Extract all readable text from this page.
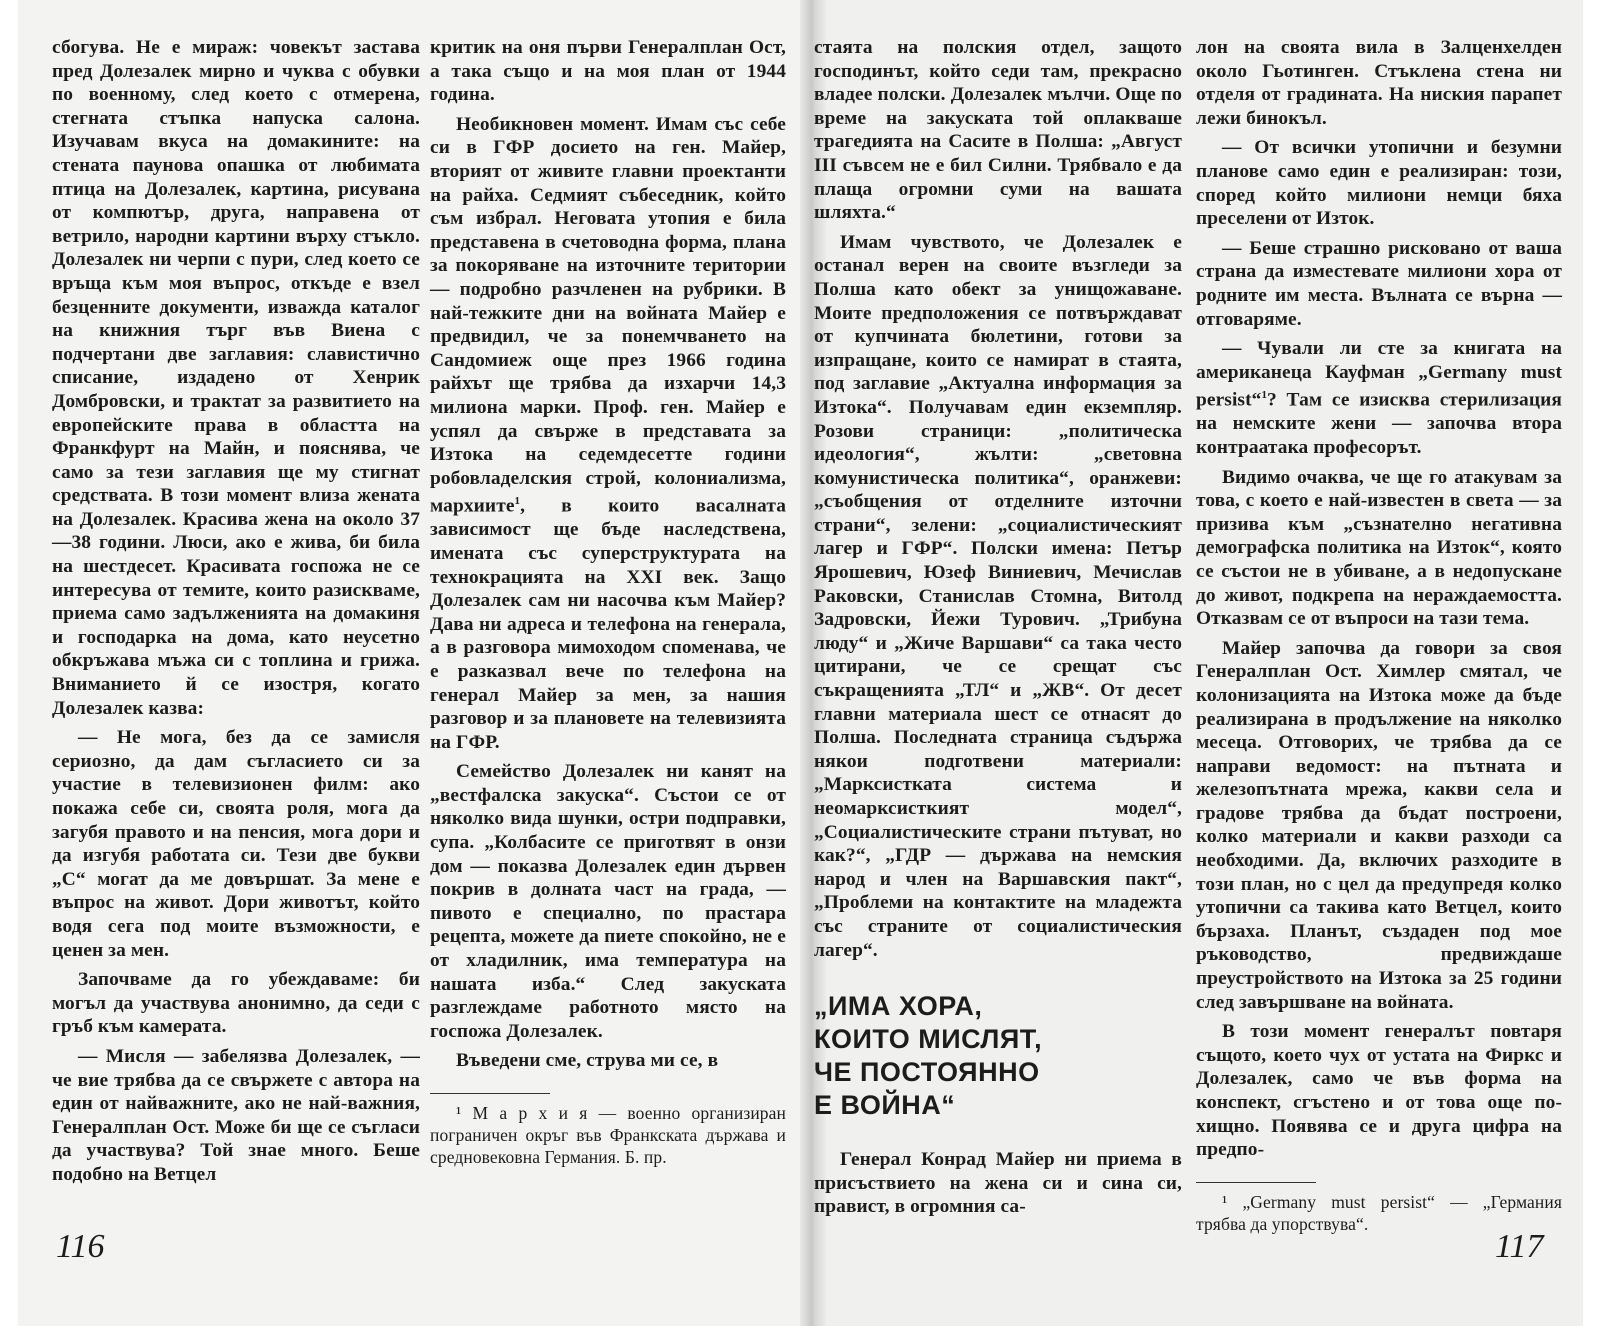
сбогува. Не е мираж: човекът застава пред Долезалек мирно и чуква с обувки по военному, след което с отмерена, стегната стъпка напуска салона. Изучавам вкуса на домакините: на стената паунова опашка от любимата птица на Долезалек, картина, рисувана от компютър, друга, направена от ветрило, народни картини върху стъкло. Долезалек ни черпи с пури, след което се връща към моя въпрос, откъде е взел безценните документи, изважда каталог на книжния търг във Виена с подчертани две заглавия: славистично списание, издадено от Хенрик Домбровски, и трактат за развитието на европейските права в областта на Франкфурт на Майн, и пояснява, че само за тези заглавия ще му стигнат средствата. В този момент влиза жената на Долезалек. Красива жена на около 37—38 години. Люси, ако е жива, би била на шестдесет. Красивата госпожа не се интересува от темите, които разискваме, приема само задълженията на домакиня и господарка на дома, като неусетно обкръжава мъжа си с топлина и грижа. Вниманието й се изостря, когато Долезалек казва:

— Не мога, без да се замисля сериозно, да дам съгласието си за участие в телевизионен филм: ако покажа себе си, своята роля, мога да загубя правото и на пенсия, мога дори и да изгубя работата си. Тези две букви „С“ могат да ме довършат. За мене е въпрос на живот. Дори животът, който водя сега под моите възможности, е ценен за мен.

Започваме да го убеждаваме: би могъл да участвува анонимно, да седи с гръб към камерата.

— Мисля — забелязва Долезалек, — че вие трябва да се свържете с автора на един от найважните, ако не най-важния, Генералплан Ост. Може би ще се съгласи да участвува? Той знае много. Беше подобно на Ветцел

критик на оня първи Генералплан Ост, а така също и на моя план от 1944 година.

Необикновен момент. Имам със себе си в ГФР досието на ген. Майер, вторият от живите главни проектанти на райха. Седмият събеседник, който съм избрал. Неговата утопия е била представена в счетоводна форма, плана за покоряване на източните територии — подробно разчленен на рубрики. В най-тежките дни на войната Майер е предвидил, че за понемчването на Сандомиеж още през 1966 година райхът ще трябва да изхарчи 14,3 милиона марки. Проф. ген. Майер е успял да свърже в представата за Изтока на седемдесетте години робовладелския строй, колониализма, мархиите$^1$, в които васалната зависимост ще бъде наследствена, имената със суперструктурата на технокрацията на XXI век. Защо Долезалек сам ни насочва към Майер? Дава ни адреса и телефона на генерала, а в разговора мимоходом споменава, че е разказвал вече по телефона на генерал Майер за мен, за нашия разговор и за плановете на телевизията на ГФР.

Семейство Долезалек ни канят на „вестфалска закуска“. Състои се от няколко вида шунки, остри подправки, супа. „Колбасите се приготвят в онзи дом — показва Долезалек един дървен покрив в долната част на града, — пивото е специално, по прастара рецепта, можете да пиете спокойно, не е от хладилник, има температура на нашата изба.“ След закуската разглеждаме работното място на госпожа Долезалек.

Въведени сме, струва ми се, в

¹ М а р х и я — военно организиран пограничен окръг във Франкската държава и средновековна Германия. Б. пр.

стаята на полския отдел, защото господинът, който седи там, прекрасно владее полски. Долезалек мълчи. Още по време на закуската той оплакваше трагедията на Сасите в Полша: „Август III съвсем не е бил Силни. Трябвало е да плаща огромни суми на вашата шляхта.“

Имам чувството, че Долезалек е останал верен на своите възгледи за Полша като обект за унищожаване. Моите предположения се потвърждават от купчината бюлетини, готови за изпращане, които се намират в стаята, под заглавие „Актуална информация за Изтока“. Получавам един екземпляр. Розови страници: „политическа идеология“, жълти: „световна комунистическа политика“, оранжеви: „съобщения от отделните източни страни“, зелени: „социалистическият лагер и ГФР“. Полски имена: Петър Ярошевич, Юзеф Виниевич, Мечислав Раковски, Станислав Стомна, Витолд Задровски, Йежи Турович. „Трибуна люду“ и „Жиче Варшави“ са така често цитирани, че се срещат със съкращенията „ТЛ“ и „ЖВ“. От десет главни материала шест се отнасят до Полша. Последната страница съдържа някои подготвени материали: „Марксистката система и неомарксисткият модел“, „Социалистическите страни пътуват, но как?“, „ГДР — държава на немския народ и член на Варшавския пакт“, „Проблеми на контактите на младежта със страните от социалистическия лагер“.

„ИМА ХОРА,
КОИТО МИСЛЯТ,
ЧЕ ПОСТОЯННО
Е ВОЙНА“

Генерал Конрад Майер ни приема в присъствието на жена си и сина си, правист, в огромния са-

лон на своята вила в Залценхелден около Гьотинген. Стъклена стена ни отделя от градината. На ниския парапет лежи бинокъл.

— От всички утопични и безумни планове само един е реализиран: този, според който милиони немци бяха преселени от Изток.

— Беше страшно рисковано от ваша страна да изместевате милиони хора от родните им места. Вълната се върна — отговаряме.

— Чували ли сте за книгата на американеца Кауфман „Germany must persist“$^1$? Там се изисква стерилизация на немските жени — започва втора контраатака професорът.

Видимо очаква, че ще го атакувам за това, с което е най-известен в света — за призива към „съзнателно негативна демографска политика на Изток“, която се състои не в убиване, а в недопускане до живот, подкрепа на нераждаемостта. Отказвам се от въпроси на тази тема.

Майер започва да говори за своя Генералплан Ост. Химлер смятал, че колонизацията на Изтока може да бъде реализирана в продължение на няколко месеца. Отговорих, че трябва да се направи ведомост: на пътната и железопътната мрежа, какви села и градове трябва да бъдат построени, колко материали и какви разходи са необходими. Да, включих разходите в този план, но с цел да предупредя колко утопични са такива като Ветцел, които бързаха. Планът, създаден под мое ръководство, предвиждаше преустройството на Изтока за 25 години след завършване на войната.

В този момент генералът повтаря същото, което чух от устата на Фиркс и Долезалек, само че във форма на конспект, сгъстено и от това още по-хищно. Появява се и друга цифра на предпо-

¹ „Germany must persist“ — „Германия трябва да упорствува“.

116	117
